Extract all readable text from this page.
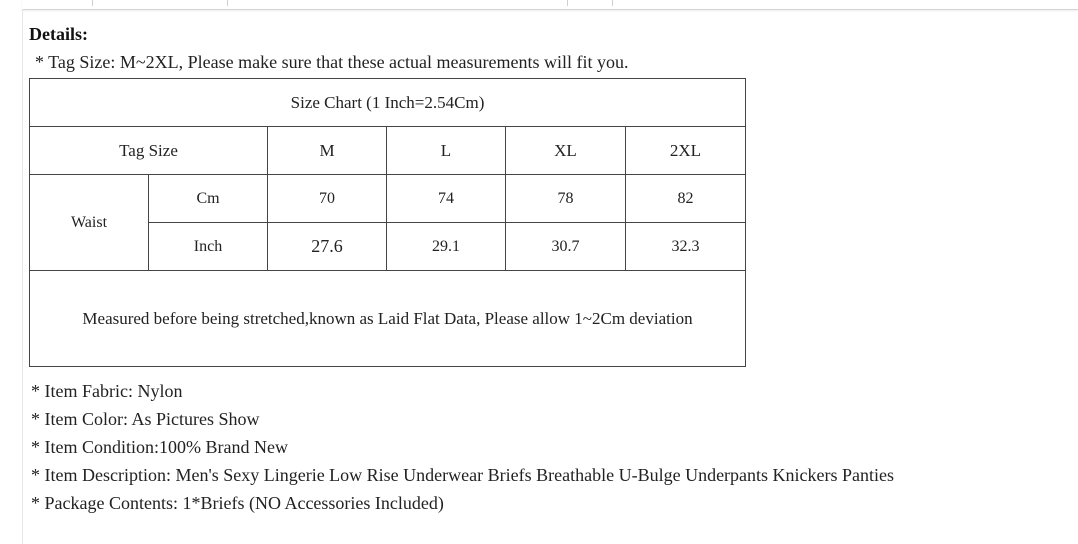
Details:
* Tag Size: M~2XL, Please make sure that these actual measurements will fit you.
Size Chart (1 Inch=2.54Cm)					
Tag Size		M	L	XL	2XL
Waist	Cm	70	74	78	82
	Inch	27.6	29.1	30.7	32.3
Measured before being stretched,known as Laid Flat Data, Please allow 1~2Cm deviation					
* Item Fabric: Nylon
* Item Color: As Pictures Show
* Item Condition:100% Brand New
* Item Description: Men's Sexy Lingerie Low Rise Underwear Briefs Breathable U-Bulge Underpants Knickers Panties
* Package Contents: 1*Briefs (NO Accessories Included)
